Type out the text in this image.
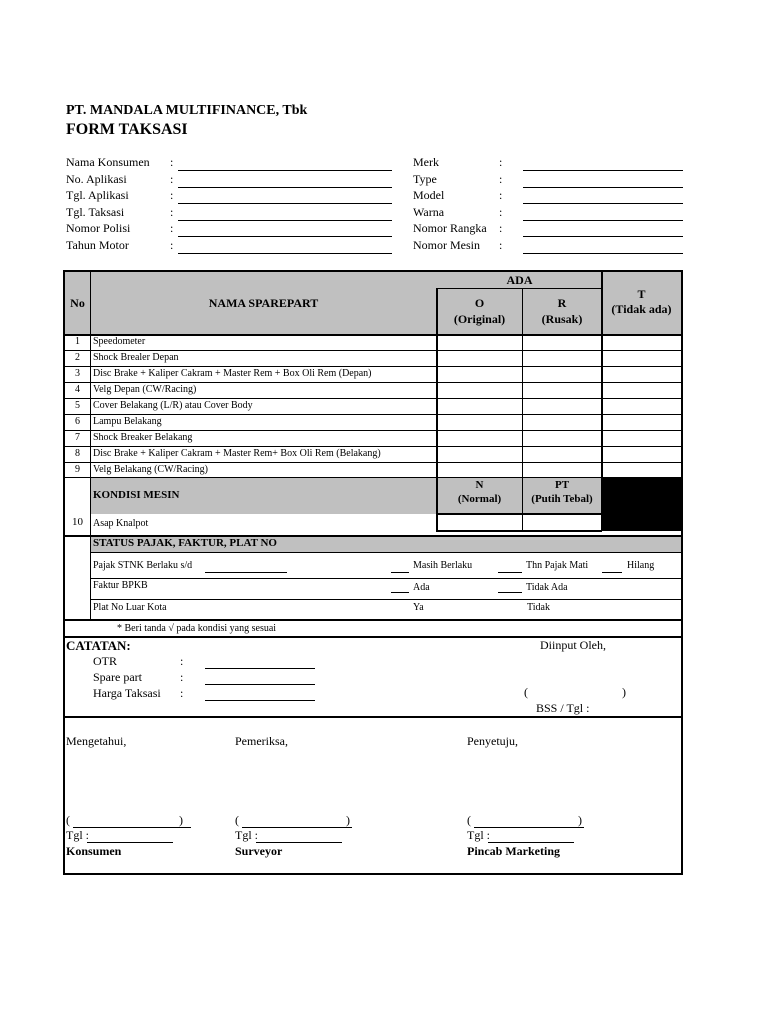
PT. MANDALA MULTIFINANCE, Tbk
FORM TAKSASI
Nama Konsumen :
No. Aplikasi	:
Tgl. Aplikasi	:
Tgl. Taksasi	:
Nomor Polisi	:
Tahun Motor	:
Merk	:
Type	:
Model	:
Warna	:
Nomor Rangka :
Nomor Mesin :
No	NAMA SPAREPART
ADA
O
(Original)
R
(Rusak)
T
(Tidak ada)
1	Speedometer
2	Shock Brealer Depan
3	Disc Brake + Kaliper Cakram + Master Rem + Box Oli Rem (Depan)
4	Velg Depan (CW/Racing)
5	Cover Belakang (L/R) atau Cover Body
6	Lampu Belakang
7	Shock Breaker Belakang
8	Disc Brake + Kaliper Cakram + Master Rem+ Box Oli Rem (Belakang)
9	Velg Belakang (CW/Racing)
KONDISI MESIN
N
(Normal)
PT
(Putih Tebal)
10	Asap Knalpot
STATUS PAJAK, FAKTUR, PLAT NO
Pajak STNK Berlaku s/d	Masih Berlaku	Thn Pajak Mati	Hilang
Faktur BPKB	Ada	Tidak Ada
Plat No Luar Kota	Ya	Tidak
* Beri tanda √ pada kondisi yang sesuai
CATATAN:
OTR	:
Spare part	:
Harga Taksasi :
Diinput Oleh,
(	)
BSS / Tgl :
Mengetahui,
(	)
Tgl :
Konsumen
Pemeriksa,
(	)
Tgl :
Surveyor
Penyetuju,
(	)
Tgl :
Pincab Marketing
